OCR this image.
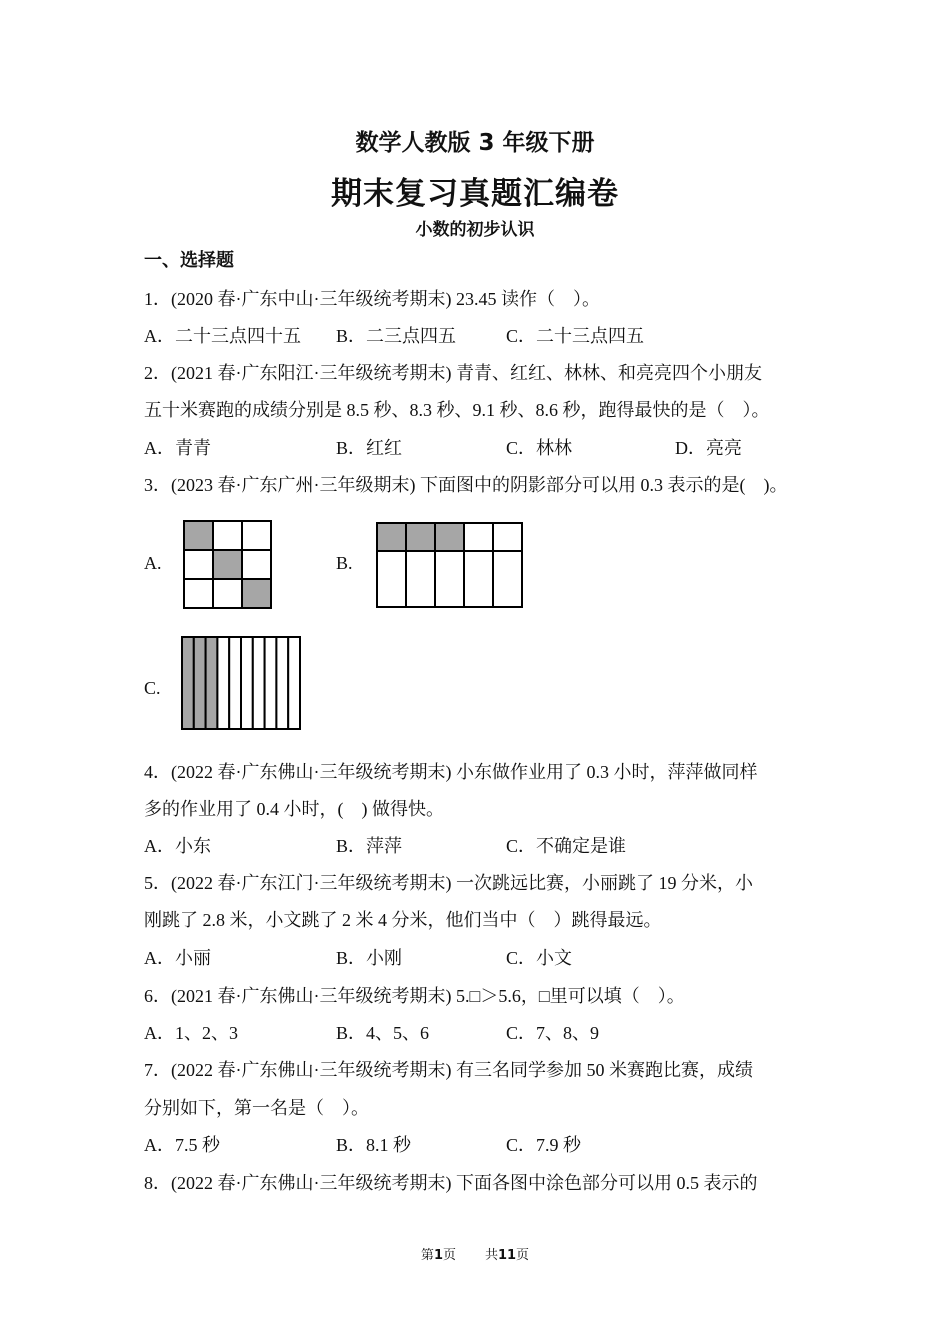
数学人教版 3 年级下册
期末复习真题汇编卷
小数的初步认识
一、选择题
1．(2020 春·广东中山·三年级统考期末) 23.45 读作（　）。
A．二十三点四十五 B．二三点四五	C．二十三点四五
2．(2021 春·广东阳江·三年级统考期末) 青青、红红、林林、和亮亮四个小朋友
五十米赛跑的成绩分别是 8.5 秒、8.3 秒、9.1 秒、8.6 秒，跑得最快的是（　）。
A．青青	B．红红	C．林林	D．亮亮
3．(2023 春·广东广州·三年级期末) 下面图中的阴影部分可以用 0.3 表示的是(　)。
A.	B.
C.
4．(2022 春·广东佛山·三年级统考期末) 小东做作业用了 0.3 小时，萍萍做同样
多的作业用了 0.4 小时，(　) 做得快。
A．小东	B．萍萍	C．不确定是谁
5．(2022 春·广东江门·三年级统考期末) 一次跳远比赛，小丽跳了 19 分米，小
刚跳了 2.8 米，小文跳了 2 米 4 分米，他们当中（　）跳得最远。
A．小丽	B．小刚	C．小文
6．(2021 春·广东佛山·三年级统考期末) 5.□＞5.6，□里可以填（　）。
A．1、2、3	B．4、5、6	C．7、8、9
7．(2022 春·广东佛山·三年级统考期末) 有三名同学参加 50 米赛跑比赛，成绩
分别如下，第一名是（　）。
A．7.5 秒	B．8.1 秒	C．7.9 秒
8．(2022 春·广东佛山·三年级统考期末) 下面各图中涂色部分可以用 0.5 表示的
第1页 共11页
